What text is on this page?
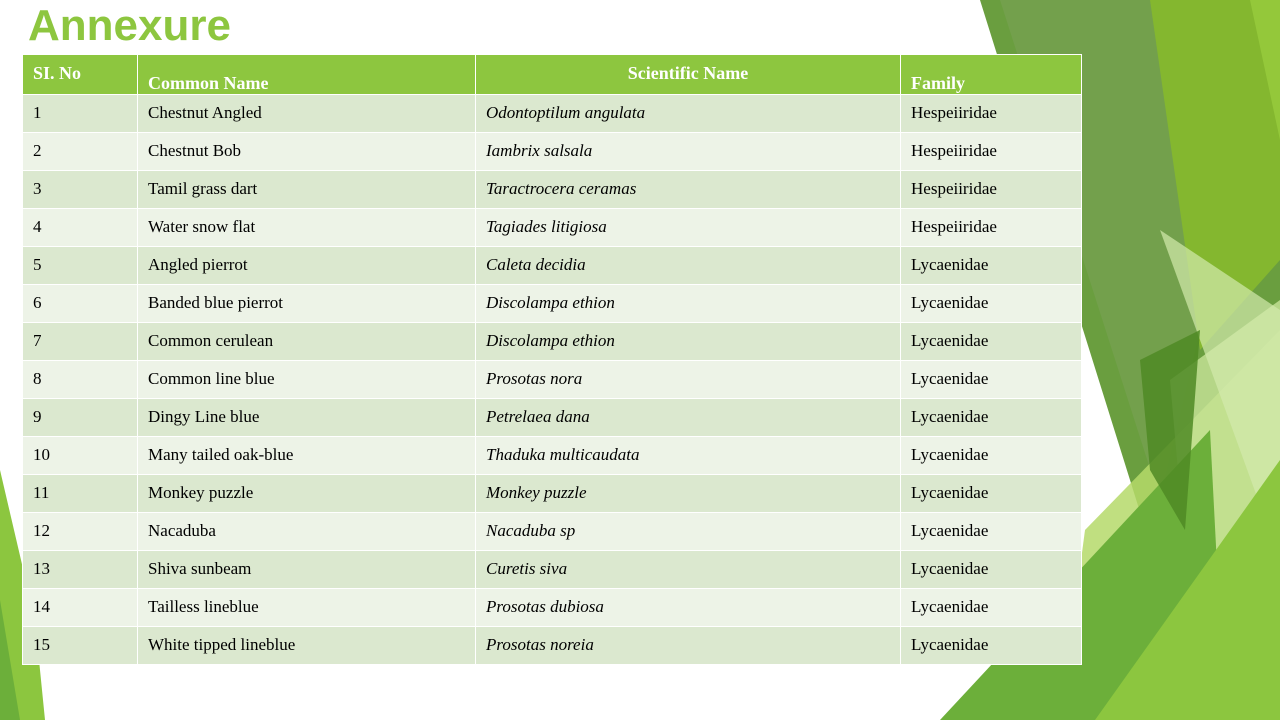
Annexure
SI. No	Common Name	Scientific Name	Family
1	Chestnut Angled	Odontoptilum angulata	Hespeiiridae
2	Chestnut Bob	Iambrix salsala	Hespeiiridae
3	Tamil grass dart	Taractrocera ceramas	Hespeiiridae
4	Water snow flat	Tagiades litigiosa	Hespeiiridae
5	Angled pierrot	Caleta decidia	Lycaenidae
6	Banded blue pierrot	Discolampa ethion	Lycaenidae
7	Common cerulean	Discolampa ethion	Lycaenidae
8	Common line blue	Prosotas nora	Lycaenidae
9	Dingy Line blue	Petrelaea dana	Lycaenidae
10	Many tailed oak-blue	Thaduka multicaudata	Lycaenidae
11	Monkey puzzle	Monkey puzzle	Lycaenidae
12	Nacaduba	Nacaduba sp	Lycaenidae
13	Shiva sunbeam	Curetis siva	Lycaenidae
14	Tailless lineblue	Prosotas dubiosa	Lycaenidae
15	White tipped lineblue	Prosotas noreia	Lycaenidae
